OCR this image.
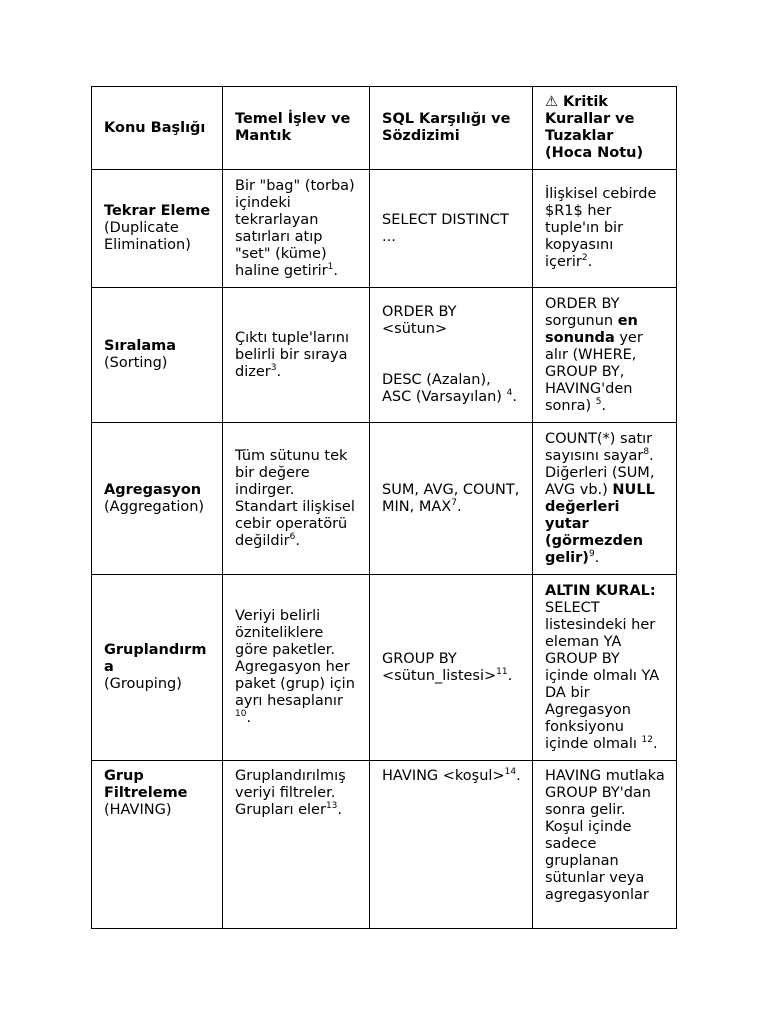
Konu Başlığı	Temel İşlev ve Mantık	SQL Karşılığı ve Sözdizimi	⚠ Kritik Kurallar ve Tuzaklar (Hoca Notu)
Tekrar Eleme
(Duplicate Elimination)	Bir "bag" (torba) içindeki tekrarlayan satırları atıp "set" (küme) haline getirir$^1$.	SELECT DISTINCT ...	İlişkisel cebirde $R1$ her tuple'ın bir kopyasını içerir$^2$.
Sıralama
(Sorting)	Çıktı tuple'larını belirli bir sıraya dizer$^3$.	ORDER BY <sütun>
DESC (Azalan), ASC (Varsayılan) $^4$.	ORDER BY sorgunun en sonunda yer alır (WHERE, GROUP BY, HAVING'den sonra) $^5$.
Agregasyon
(Aggregation)	Tüm sütunu tek bir değere indirger. Standart ilişkisel cebir operatörü değildir$^6$.	SUM, AVG, COUNT, MIN, MAX$^7$.	COUNT(*) satır sayısını sayar$^8$. Diğerleri (SUM, AVG vb.) NULL değerleri yutar (görmezden gelir)$^9$.
Gruplandırma
(Grouping)	Veriyi belirli özniteliklere göre paketler. Agregasyon her paket (grup) için ayrı hesaplanır $^{10}$.	GROUP BY <sütun_listesi>$^{11}$.	ALTIN KURAL: SELECT listesindeki her eleman YA GROUP BY içinde olmalı YA DA bir Agregasyon fonksiyonu içinde olmalı $^{12}$.
Grup Filtreleme
(HAVING)	Gruplandırılmış veriyi filtreler. Grupları eler$^{13}$.	HAVING <koşul>$^{14}$.	HAVING mutlaka GROUP BY'dan sonra gelir. Koşul içinde sadece gruplanan sütunlar veya agregasyonlar
